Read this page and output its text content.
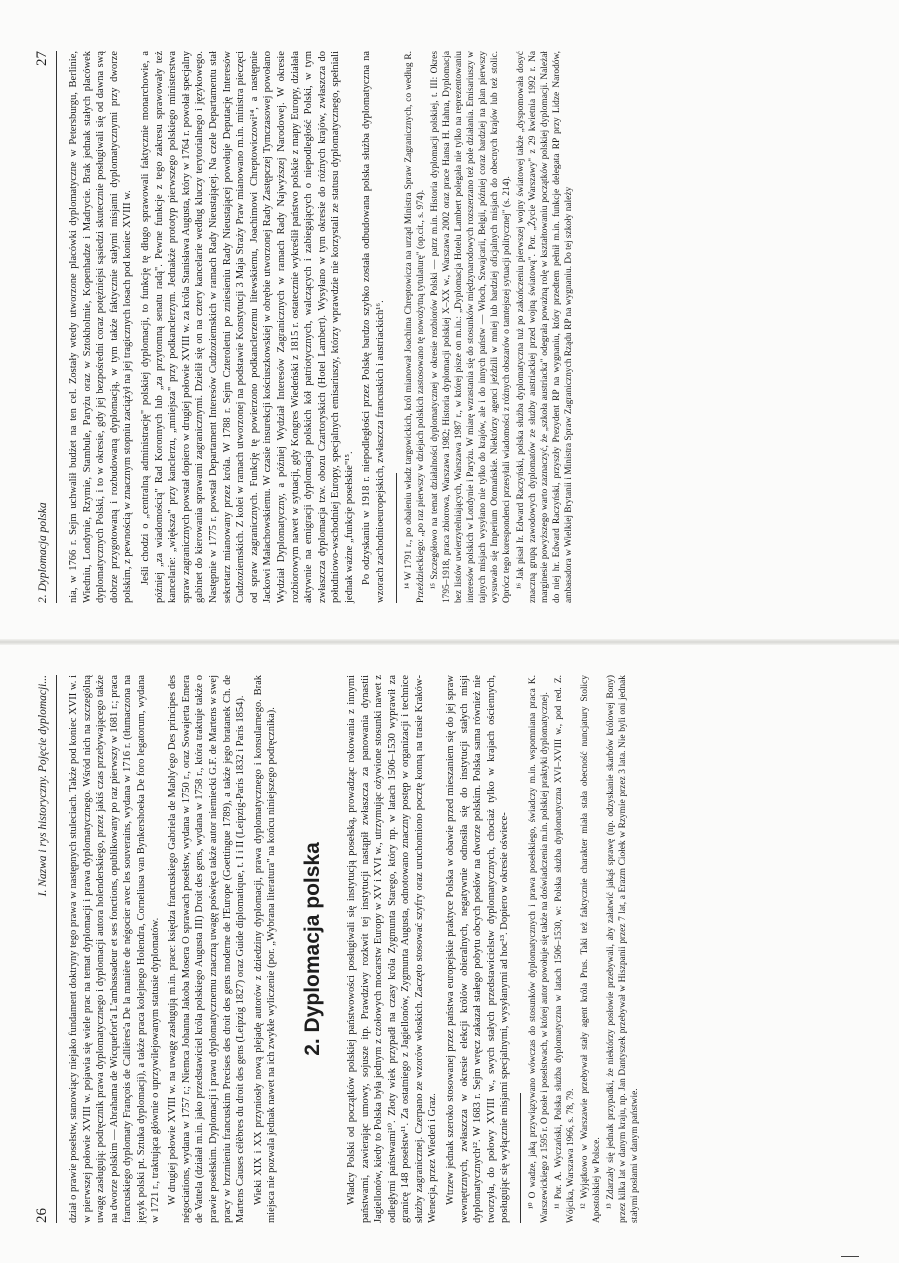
26
I. Nazwa i rys historyczny. Pojęcie dyplomacji... dział o prawie posełstw, stanowiący niejako fundament doktryny tego prawa w następnych stuleciach. Także pod koniec XVII w. i w pierwszej połowie XVIII w. pojawia się wiele prac na temat dyplomacji i prawa dyplomatycznego. Wśród nich na szczególną uwagę zasługują: podręcznik prawa dyplomatycznego i dyplomacji autora holenderskiego, przez jakiś czas przebywającego także na dworze polskim — Abrahama de Wicquefort'a L'ambassadeur et ses fonctions, opublikowany po raz pierwszy w 1681 r.; praca francuskiego dyplomaty François de Callières'a De la manière de négocier avec les souverains, wydana w 1716 r. (tłumaczona na język polski pt. Sztuka dyplomacji), a także praca kolejnego Holendra, Corneliusa van Bynkershoeka De foro legatorum, wydana w 1721 r., traktująca głównie o uprzywilejowanym statusie dyplomatów. W drugiej połowie XVIII w. na uwagę zasługują m.in. prace: księdza francuskiego Gabriela de Mably'ego Des principes des négociations, wydana w 1757 r.; Niemca Johanna Jakoba Mosera O sprawach posełstw, wydana w 1750 r., oraz Sowajerta Emera de Vattela (działał m.in. jako przedstawiciel króla polskiego Augusta III) Droit des gens, wydana w 1758 r., która traktuje także o prawie posełskim. Dyplomacji i prawu dyplomatycznemu znaczną uwagę poświęca także autor niemiecki G.F. de Martens w swej pracy w brzmieniu francuskim Precises des droit des gens moderne de l'Europe (Goettingue 1789), a także jego bratanek Ch. de Martens Causes célèbres du droit des gens (Leipzig 1827) oraz Guide diplomatique, t. I i II (Leipzig-Paris 1832 i Paris 1854). Wieki XIX i XX przyniosły nową plejadę autorów z dziedziny dyplomacji, prawa dyplomatycznego i konsularnego. Brak miejsca nie pozwala jednak nawet na ich zwykłe wyliczenie (por. „Wybrana literatura" na końcu niniejszego podręcznika). 2. Dyplomacja polska Władcy Polski od początków polskiej państwowości posługiwali się instytucją posełską, prowadząc rokowania z innymi państwami, zawierając umowy, sojusze itp. Prawdziwy rozkwit tej instytucji nastąpił zwłaszcza za panowania dynastii Jagiellonów, kiedy to Polska była jednym z czołowych mocarstw Europy w XV i XVI w., utrzymując ożywione stosunki nawet z odległymi państwami¹⁰. Złoty wiek przypadł na czasy króla Zygmunta Starego, który np. w latach 1506–1530 wyprawił za granicę 148 posełstw¹¹. Za ostatniego z Jagiellonów, Zygmunta Augusta, odnotowano znaczny postęp w organizacji i technice służby zagranicznej. Czerpano ze wzorów włoskich. Zaczęto stosować szyfry oraz uruchomiono pocztę konną na trasie Kraków-Wenecja, przez Wiedeń i Graz. Wtrzew jednak szeroko stosowanej przez państwa europejskie praktyce Polska w obawie przed mieszaniem się do jej spraw wewnętrznych, zwłaszcza w okresie elekcji królów obieralnych, negatywnie odnosiła się do instytucji stałych misji dyplomatycznych¹². W 1683 r. Sejm wręcz zakazał stałego pobytu obcych posłów na dworze polskim. Polska sama również nie tworzyła, do połowy XVIII w., swych stałych przedstawicielstw dyplomatycznych, chociaż tylko w krajach ościennych, posługując się wyłącznie misjami specjalnymi, wysyłanymi ad hoc¹³. Dopiero w okresie oświece- ¹⁰ O wadze, jaką przywiązywano wówczas do stosunków dyplomatycznych i prawa posełskiego, świadczy m.in. wspomniana praca K. Warszewickiego z 1595 r. O posłe i poselstwach, w której autor powołuje się także na doświadczenia m.in. polskiej praktyki dyplomatycznej. ¹¹ Por. A. Wyczański, Polska służba dyplomatyczna w latach 1506–1530, w: Polska służba dyplomatyczna XVI–XVIII w., pod red. Z. Wójcika, Warszawa 1966, s. 78, 79. ¹² Wyjątkowo w Warszawie przebywał stały agent króla Prus. Taki też faktycznie charakter miała stała obecność nuncjatury Stolicy Apostolskiej w Polsce. ¹³ Zdarzały się jednak przypadki, że niektórzy posłowie przebywali, aby załatwić jakąś sprawę (np. odzyskanie skarbów królowej Bony) przez kilka lat w danym kraju, np. Jan Dantyszek przebywał w Hiszpanii przez 7 lat, a Erazm Ciołek w Rzymie przez 3 lata. Nie byli oni jednak stałymi posłami w danym państwie.

2. Dyplomacja polska
27 nia, w 1766 r. Sejm uchwalił budżet na ten cel. Zostały wtedy utworzone placówki dyplomatyczne w Petersburgu, Berlinie, Wiedniu, Londynie, Rzymie, Stambule, Paryżu oraz w Sztokholmie, Kopenhadze i Madrycie. Brak jednak stałych placówek dyplomatycznych Polski, i to w okresie, gdy jej bezpośredni coraz potężniejsi sąsiedzi skutecznie posługiwali się od dawna swą dobrze przygotowaną i rozbudowaną dyplomacją, w tym także faktycznie stałymi misjami dyplomatycznymi przy dworze polskim, z pewnością w znacznym stopniu zaciążył na jej tragicznych losach pod koniec XVIII w. Jeśli chodzi o „centralną administrację" polskiej dyplomacji, to funkcję tę długo sprawowali faktycznie monarchowie, a później „za wiadomością" Rad Koronnych lub „za przytomną senatu radą". Pewne funkcje z tego zakresu sprawowały też kancelarie: „większa" przy kanclerzu, „mniejsza" przy podkanclerzym. Jednakże prototyp pierwszego polskiego ministerstwa spraw zagranicznych powstał dopiero w drugiej połowie XVIII w. za króla Stanisława Augusta, który w 1764 r. powołał specjalny gabinet do kierowania sprawami zagranicznymi. Dzielił się on na cztery kancelarie według kluczy terytorialnego i językowego. Następnie w 1775 r. powstał Departament Interesów Cudzoziemskich w ramach Rady Nieustającej. Na czele Departamentu stał sekretarz mianowany przez króla. W 1788 r. Sejm Czteroletni po zniesieniu Rady Nieustającej powołuje Deputację Interesów Cudzoziemskich. Z kolei w ramach utworzonej na podstawie Konstytucji 3 Maja Straży Praw mianowano m.in. ministra pieczęci od spraw zagranicznych. Funkcję tę powierzono podkanclerzemu litewskiemu, Joachimowi Chreptowiczowi¹⁴, a następnie Jackowi Małachowskiemu. W czasie insurekcji kościuszkowskiej w obrębie utworzonej Rady Zastępczej Tymczasowej powołano Wydział Dyplomatyczny, a później Wydział Interesów Zagranicznych w ramach Rady Najwyższej Narodowej. W okresie rozbiorowym nawet w sytuacji, gdy Kongres Wiedeński z 1815 r. ostatecznie wykreślił państwo polskie z mapy Europy, działała aktywnie na emigracji dyplomacja polskich kół patriotycznych, walczących i zabiegających o niepodległość Polski, w tym zwłaszcza dyplomacja tzw. obozu Czartoryskich (Hotel Lambert). Wysyłano w tym okresie do różnych krajów, zwłaszcza do południowo-wschodniej Europy, specjalnych emisariuszy, którzy wprawdzie nie korzystali ze statusu dyplomatycznego, spełniali jednak ważne „funkcje posełskie"¹⁵. Po odzyskaniu w 1918 r. niepodległości przez Polskę bardzo szybko została odbudowana polska służba dyplomatyczna na wzorach zachodnioeuropejskich, zwłaszcza francuskich i austriackich¹⁶. ¹⁴ W 1791 r., po obaleniu władz targowickich, król mianował Joachima Chreptowicza na urząd Ministra Spraw Zagranicznych, co według R. Przeździeckiego: „po raz pierwszy w dziejach polskich zastosowano tę nowożytną tytulaturę" (op.cit., s. 974). ¹⁵ Szczegółowo na temat działalności dyplomatycznej w okresie rozbiorów Polski — patrz m.in. Historia dyplomacji polskiej, t. III: Okres 1795–1918, praca zbiorowa, Warszawa 1982; Historia dyplomacji polskiej X–XX w., Warszawa 2002 oraz prace Hansa H. Hahna, Dyplomacja bez listów uwierzytelniających, Warszawa 1987 r., w której pisze on m.in.: „Dyplomacja Hotelu Lambert polegała nie tylko na reprezentowaniu interesów polskich w Londynie i Paryżu. W miarę wzrastania się do stosunków międzynarodowych rozszerzano też pole działania. Emisariuszy w tajnych misjach wysyłano nie tylko do krajów, ale i do innych państw — Włoch, Szwajcarii, Belgii, później coraz bardziej na plan pierwszy wysuwało się Imperium Otomańskie. Niektórzy agenci jeździli w mniej lub bardziej oficjalnych misjach do obecnych krajów lub też stolic. Oprócz tego korespondenci przesyłali wiadomości z różnych obszarów o tamtejszej sytuacji politycznej" (s. 214). ¹⁶ Jak pisał Ir. Edward Raczyński, polska służba dyplomatyczna tuż po zakończeniu pierwszej wojny światowej także „dyspomowała dosyć znaczną grupą zawodowych dyplomatów ze służby austriackiej przed wojną światową". Por. „Życie Warszawy" z 29 kwietnia 1992 r. Na marginesie powyższego warto zaznaczyć, że „szkoła austriacka" odegrała poważną rolę w kształtowaniu początków polskiej dyplomacji. Należał do niej hr. Edward Raczyński, przyszły Prezydent RP na wygnaniu, który przedtem pełnił m.in. funkcje delegata RP przy Lidze Narodów, ambasadora w Wielkiej Brytanii i Ministra Spraw Zagranicznych Rządu RP na wygnaniu. Do tej szkoły należy
